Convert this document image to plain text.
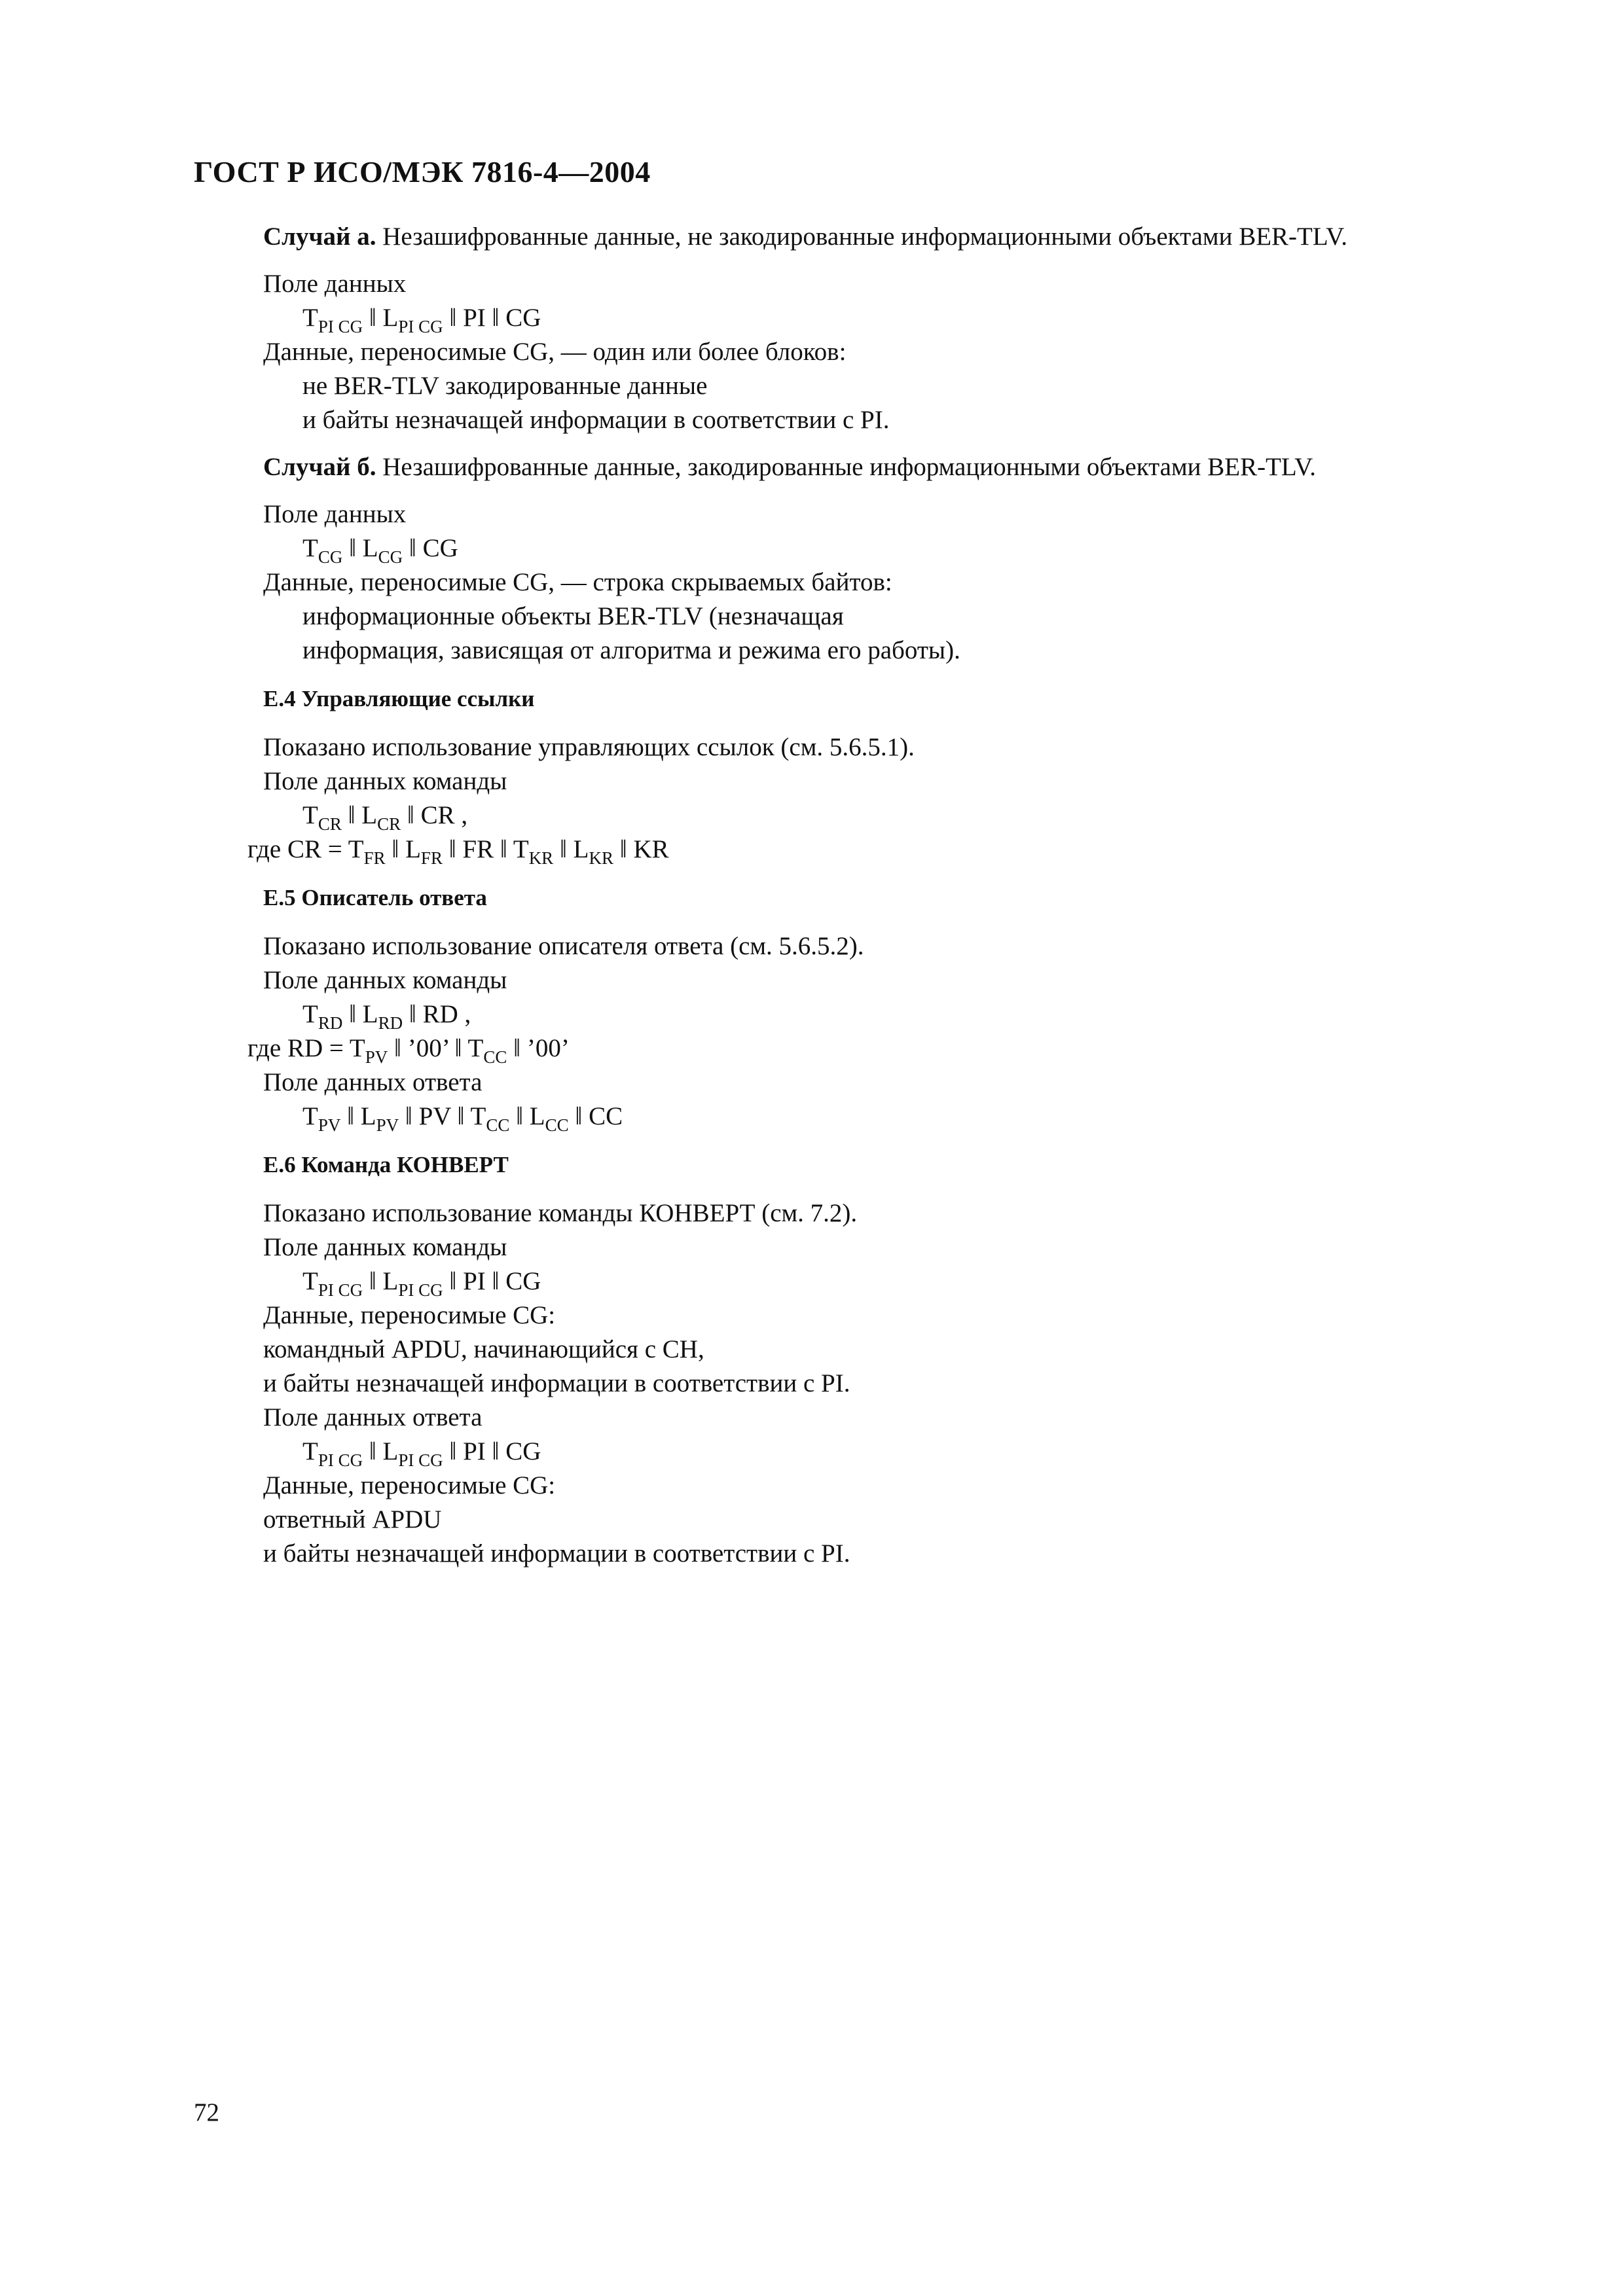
ГОСТ Р ИСО/МЭК 7816-4—2004
Случай а. Незашифрованные данные, не закодированные информационными объектами BER-TLV.
Поле данных
$T_{PI CG}$ ‖ $L_{PI CG}$ ‖ PI ‖ CG
Данные, переносимые CG, — один или более блоков:
не BER-TLV закодированные данные
и байты незначащей информации в соответствии с PI.
Случай б. Незашифрованные данные, закодированные информационными объектами BER-TLV.
Поле данных
$T_{CG}$ ‖ $L_{CG}$ ‖ CG
Данные, переносимые CG, — строка скрываемых байтов:
информационные объекты BER-TLV (незначащая
информация, зависящая от алгоритма и режима его работы).
Е.4 Управляющие ссылки
Показано использование управляющих ссылок (см. 5.6.5.1).
Поле данных команды
$T_{CR}$ ‖ $L_{CR}$ ‖ CR ,
где CR = $T_{FR}$ ‖ $L_{FR}$ ‖ FR ‖ $T_{KR}$ ‖ $L_{KR}$ ‖ KR
Е.5 Описатель ответа
Показано использование описателя ответа (см. 5.6.5.2).
Поле данных команды
$T_{RD}$ ‖ $L_{RD}$ ‖ RD ,
где RD = $T_{PV}$ ‖ ’00’ ‖ $T_{CC}$ ‖ ’00’
Поле данных ответа
$T_{PV}$ ‖ $L_{PV}$ ‖ PV ‖ $T_{CC}$ ‖ $L_{CC}$ ‖ CC
Е.6 Команда КОНВЕРТ
Показано использование команды КОНВЕРТ (см. 7.2).
Поле данных команды
$T_{PI CG}$ ‖ $L_{PI CG}$ ‖ PI ‖ CG
Данные, переносимые CG:
командный APDU, начинающийся с СН,
и байты незначащей информации в соответствии с PI.
Поле данных ответа
$T_{PI CG}$ ‖ $L_{PI CG}$ ‖ PI ‖ CG
Данные, переносимые CG:
ответный APDU
и байты незначащей информации в соответствии с PI.
72
